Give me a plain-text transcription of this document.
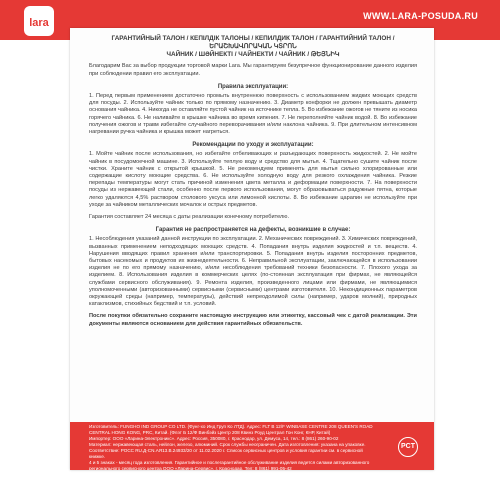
lara
WWW.LARA-POSUDA.RU
ГАРАНТИЙНЫЙ ТАЛОН / КЕПІЛДІК ТАЛОНЫ / КЕПИЛДИК ТАЛОН / ГАРАНТИЙНИЙ ТАЛОН / ԵՐԱՇԽԱՎՈՐԱԿԱՆ ԿՏՐՈՆ
ЧАЙНИК / ШӘЙНЕКТІ / ЧАЙНЕКТИ / ЧАЙНИК / ԹԵՅՆԻԿ

Благодарим Вас за выбор продукции торговой марки Lara. Мы гарантируем безупречное функционирование данного изделия при соблюдении правил его эксплуатации.

Правила эксплуатации:
1. Перед первым применением достаточно промыть внутреннюю поверхность с использованием жидких моющих средств для посуды. 2. Используйте чайник только по прямому назначению. 3. Диаметр конфорки не должен превышать диаметр основания чайника. 4. Никогда не оставляйте пустой чайник на источнике тепла. 5. Во избежание ожогов не тяните из носика горячего чайника. 6. Не наливайте в крышке чайника во время кипения. 7. Не переполняйте чайник водой. 8. Во избежание получения ожогов и травм избегайте случайного переворачивания и/или наклона чайника. 9. При длительном интенсивном нагревании ручка чайника и крышка может нагреться.
Рекомендации по уходу и эксплуатации:
1. Мойте чайник после использования, но избегайте отбеливающих и разъедающих поверхность жидкостей. 2. Не мойте чайник в посудомоечной машине. 3. Используйте теплую воду и средство для мытья. 4. Тщательно сушите чайник после чистки. Храните чайник с открытой крышкой. 5. Не рекомендуем применять для мытья сильно хлорированные или содержащие кислоту моющие средства. 6. Не используйте холодную воду для резкого охлаждения чайника. Резкие перепады температуры могут стать причиной изменения цвета металла и деформации поверхности. 7. На поверхности посуды из нержавеющей стали, особенно после первого использования, могут образовываться радужные пятна, которые легко удаляются 4,5% раствором столового уксуса или лимонной кислоты. 8. Во избежание царапин не используйте при уходе за чайником металлических мочалок и острых предметов.
Гарантия составляет 24 месяца с даты реализации конечному потребителю.
Гарантия не распространяется на дефекты, возникшие в случае:
1. Несоблюдения указаний данной инструкции по эксплуатации. 2. Механических повреждений. 3. Химических повреждений, вызванных применением неподходящих моющих средств. 4. Попадания внутрь изделия жидкостей и т.п. веществ. 4. Нарушения вводящих правил хранения и/или транспортировки. 5. Попадания внутрь изделия посторонних предметов, бытовых насекомых и продуктов их жизнедеятельности. 6. Неправильной эксплуатации, заключающейся в использовании изделия не по его прямому назначению, и/или несоблюдения требований техники безопасности. 7. Плохого ухода за изделием. 8. Использования изделия в коммерческих целях (по-стоянная эксплуатация при фирмах, не являющейся службами сервисного обслуживания). 9. Ремонта изделия, произведенного лицами или фирмами, не являющимися уполномоченными (авторизованными) сервисными (сервисными) центрами изготовителя. 10. Некондиционных параметров окружающей среды (например, температуры), действий непреодолимой силы (например, ударов молний), природных катаклизмов, стихийных бедствий и т.п. условий.
После покупки обязательно сохраните настоящую инструкцию или этикетку, кассовый чек с датой реализации. Эти документы являются основанием для действия гарантийных обязательств.
Изготовитель: FUNGHO IND GROUP CO LTD. (Фунг-хо Инд Груп Ко ЛТД). Адрес: FLT B 12/F WINBASE CENTRE 208 QUEEN'S ROAD
CENTRAL HONG KONG, PRC, Китай. (Флэт Б 12/Ф Винбэйз Центр 208 Квинз Роуд Централ Гон Конг, КНР, Китай)
Импортер: ООО «Ларина-Электроникс». Адрес: Россия, 350080, г. Краснодар, ул. Демуса, 14, тел.: 8 (861) 260-90-02
Материал: нержавеющая сталь, нейлон, железо, алюминий. Срок службы неограничен. Дата изготовления: указана на упаковке.
Соответствие: РОСС RU.Д-CN.АЯ13.В.24933/20 от 11.02.2020 г. Список сервисных центров и условия гарантии см. в сервисной книжке.
4 и 5 знаках - месяц года изготовления. Гарантийное и послегарантийное обслуживание изделия ведется силами авторизованного
регионального сервисного центра ООО «Ларина-Сервис», г. Краснодар. Тел: 8 (861) 991-05-42
PCT
